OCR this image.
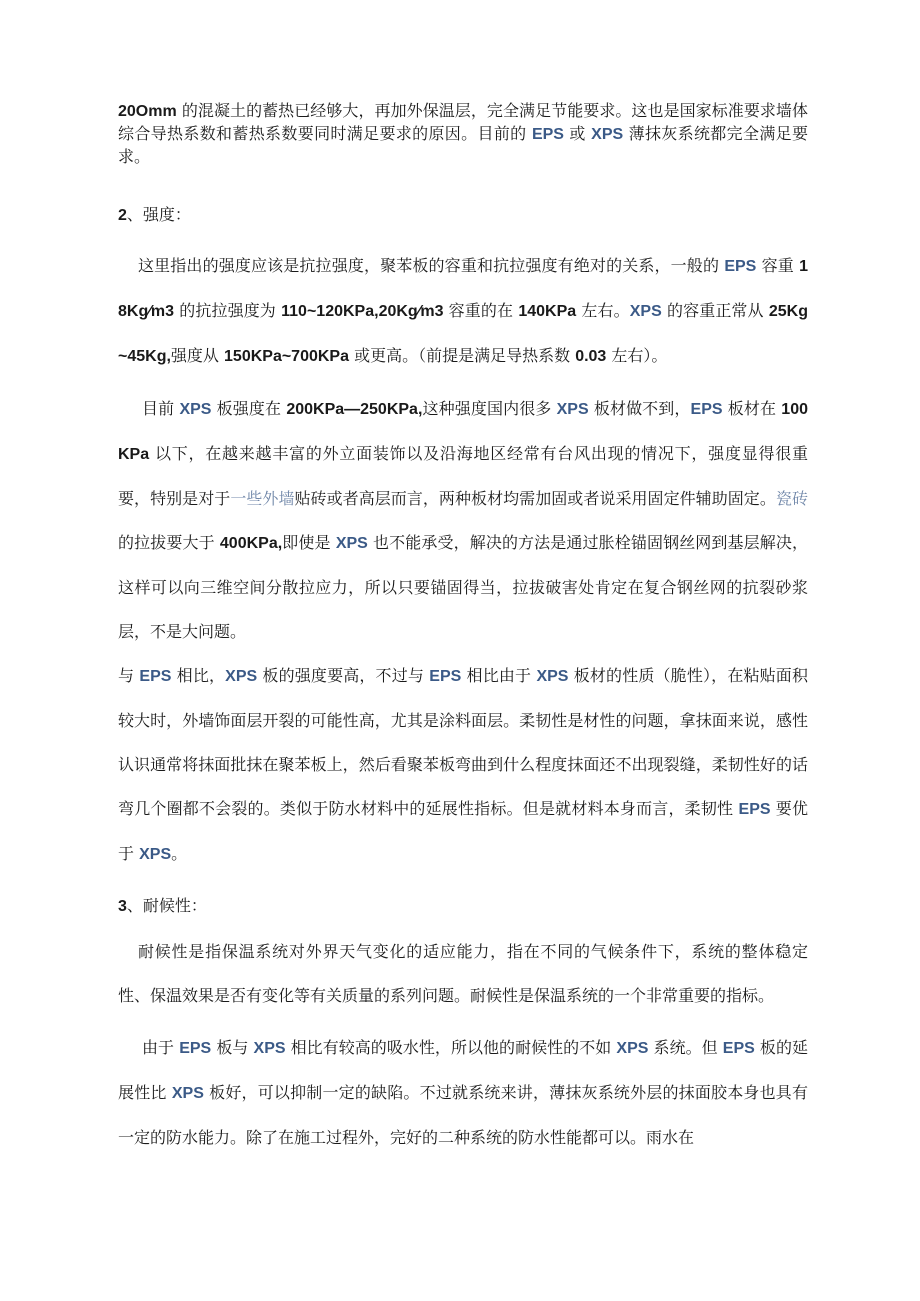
20Omm 的混凝土的蓄热已经够大，再加外保温层，完全满足节能要求。这也是国家标准要求墙体综合导热系数和蓄热系数要同时满足要求的原因。目前的 EPS 或 XPS 薄抹灰系统都完全满足要求。

2、强度：

这里指出的强度应该是抗拉强度，聚苯板的容重和抗拉强度有绝对的关系，一般的 EPS 容重 18Kg∕m3 的抗拉强度为 110~120KPa,20Kg∕m3 容重的在 140KPa 左右。XPS 的容重正常从 25Kg~45Kg,强度从 150KPa~700KPa 或更高。（前提是满足导热系数 0.03 左右）。

目前 XPS 板强度在 200KPa—250KPa,这种强度国内很多 XPS 板材做不到，EPS 板材在 100KPa 以下，在越来越丰富的外立面装饰以及沿海地区经常有台风出现的情况下，强度显得很重要，特别是对于一些外墙贴砖或者高层而言，两种板材均需加固或者说采用固定件辅助固定。瓷砖的拉拔要大于 400KPa,即使是 XPS 也不能承受，解决的方法是通过胀栓锚固钢丝网到基层解决，这样可以向三维空间分散拉应力，所以只要锚固得当，拉拔破害处肯定在复合钢丝网的抗裂砂浆层，不是大问题。

与 EPS 相比，XPS 板的强度要高，不过与 EPS 相比由于 XPS 板材的性质（脆性），在粘贴面积较大时，外墙饰面层开裂的可能性高，尤其是涂料面层。柔韧性是材性的问题，拿抹面来说，感性认识通常将抹面批抹在聚苯板上，然后看聚苯板弯曲到什么程度抹面还不出现裂缝，柔韧性好的话弯几个圈都不会裂的。类似于防水材料中的延展性指标。但是就材料本身而言，柔韧性 EPS 要优于 XPS。

3、耐候性：

耐候性是指保温系统对外界天气变化的适应能力，指在不同的气候条件下，系统的整体稳定性、保温效果是否有变化等有关质量的系列问题。耐候性是保温系统的一个非常重要的指标。

由于 EPS 板与 XPS 相比有较高的吸水性，所以他的耐候性的不如 XPS 系统。但 EPS 板的延展性比 XPS 板好，可以抑制一定的缺陷。不过就系统来讲，薄抹灰系统外层的抹面胶本身也具有一定的防水能力。除了在施工过程外，完好的二种系统的防水性能都可以。雨水在
